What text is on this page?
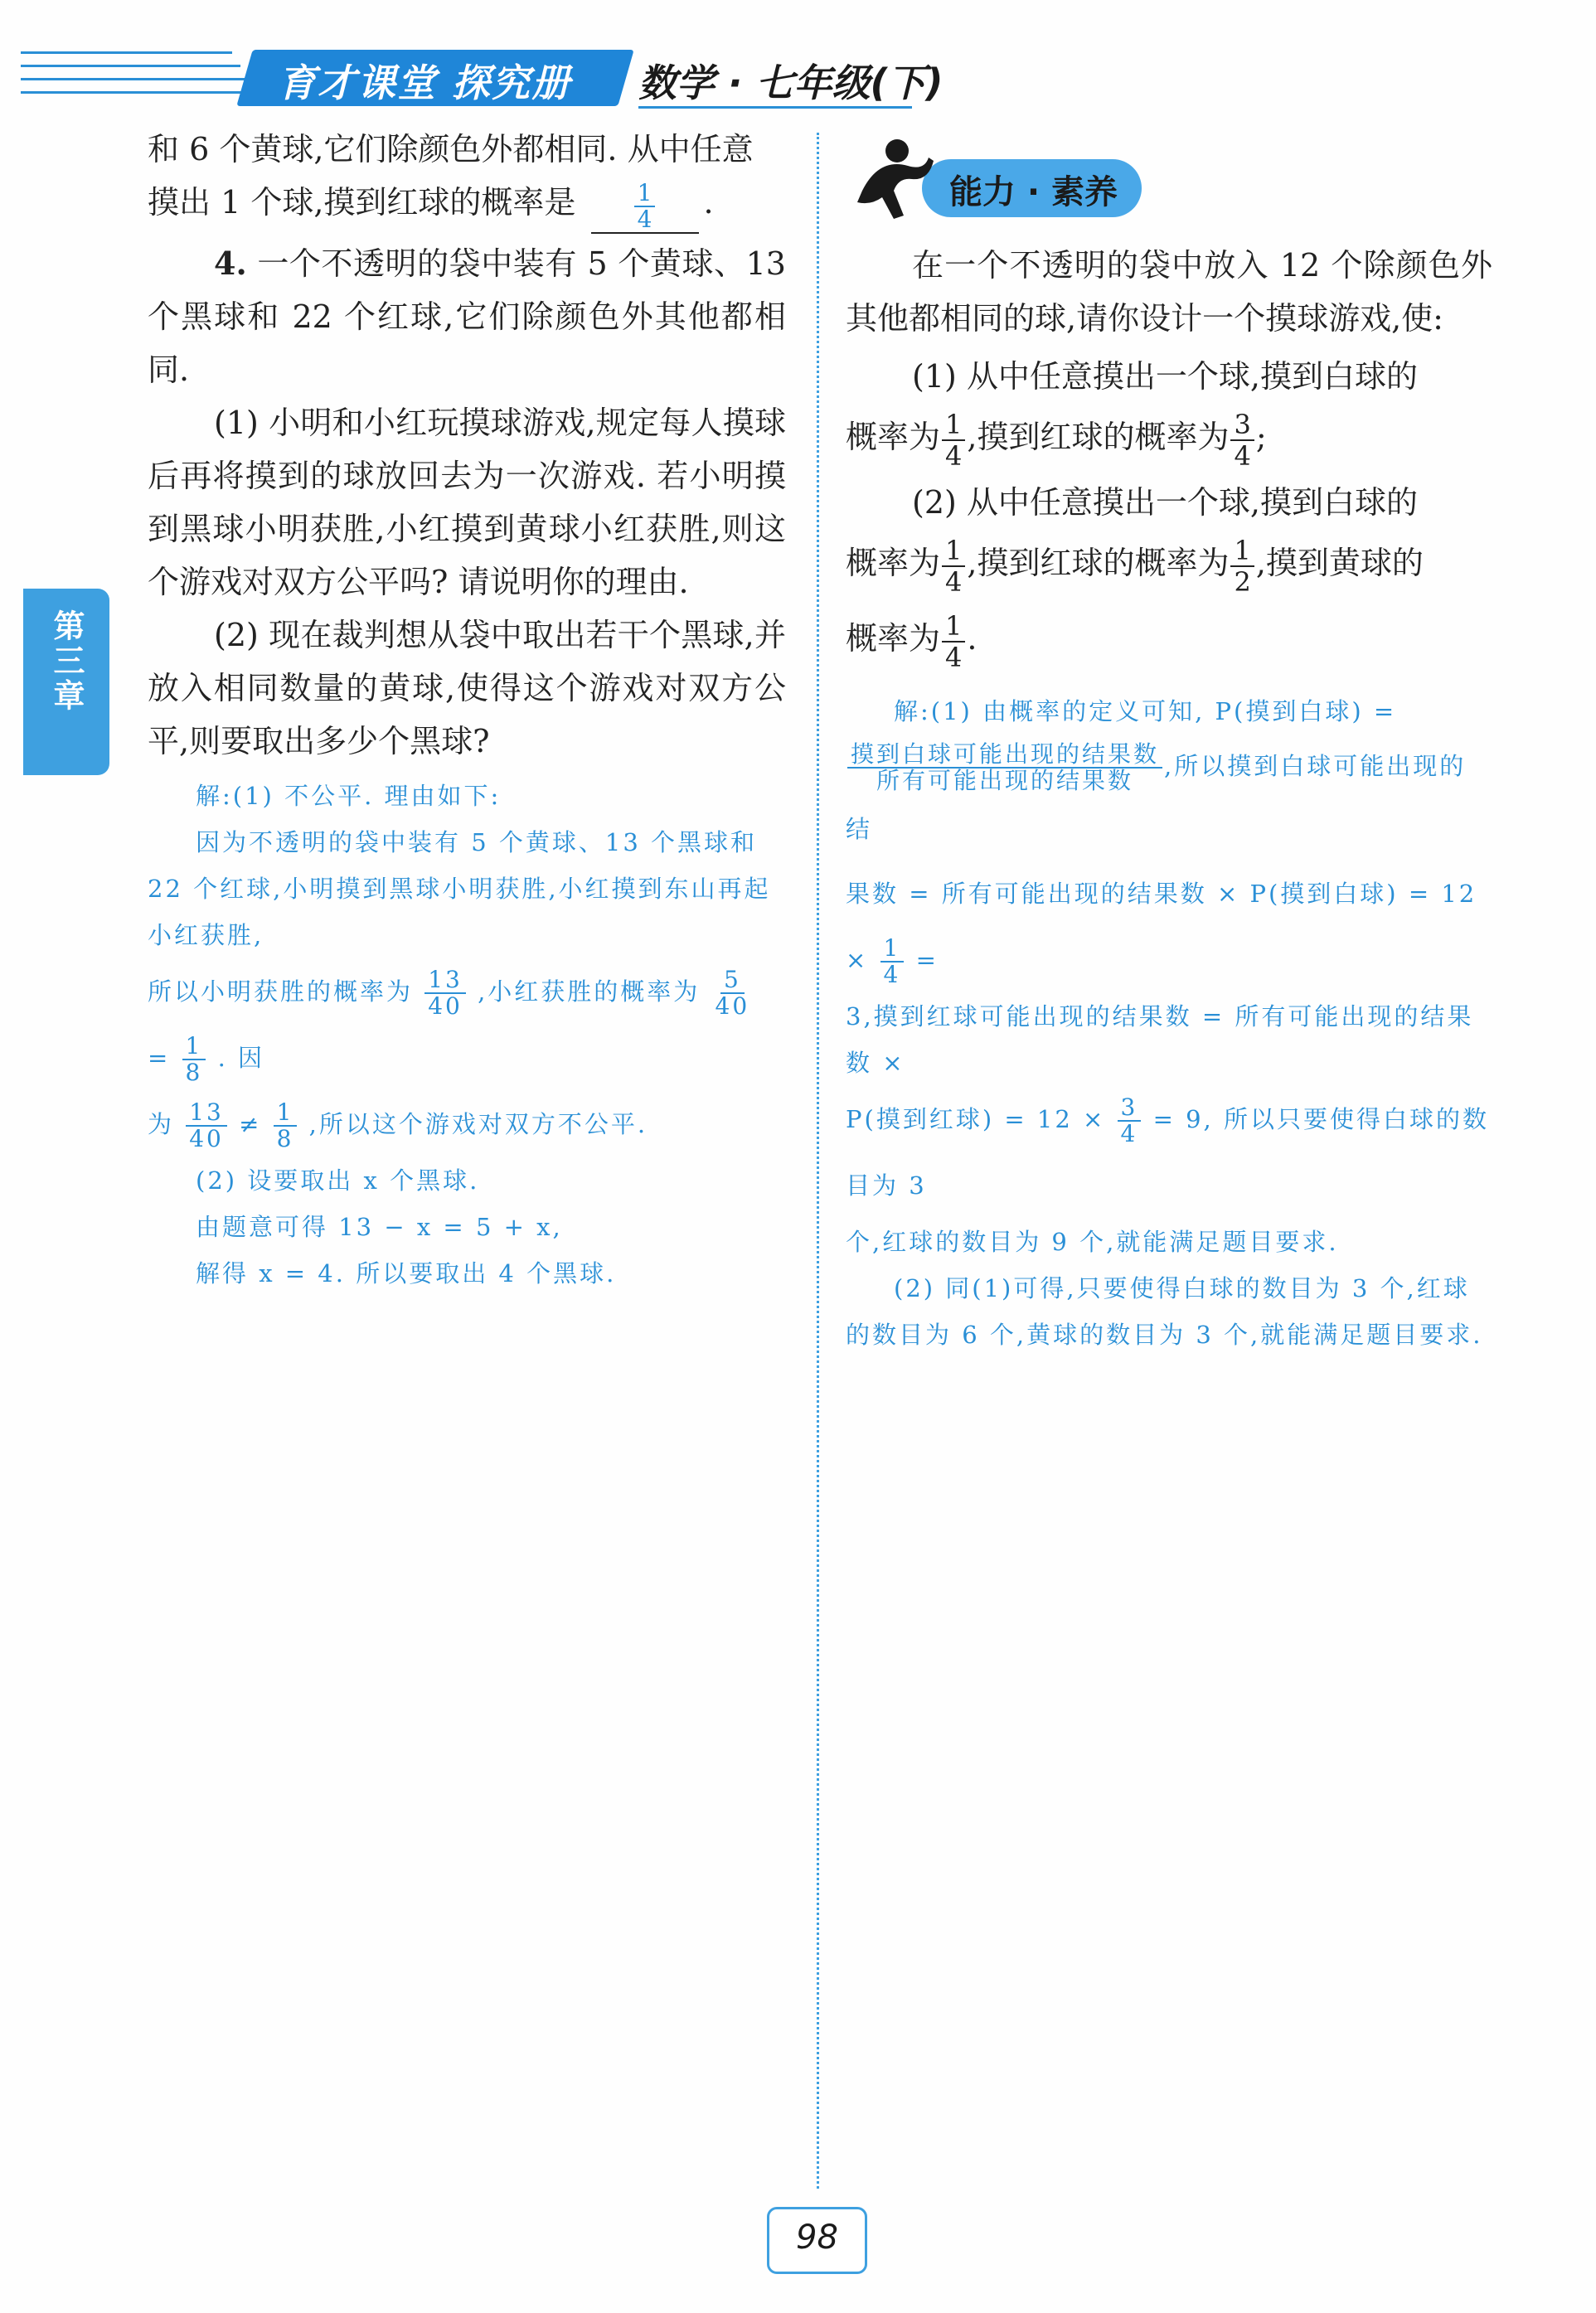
育才课堂 探究册 数学 · 七年级(下)
第三章

和 6 个黄球,它们除颜色外都相同. 从中任意
摸出 1 个球,摸到红球的概率是	$\frac{1}{4}$ .

4. 一个不透明的袋中装有 5 个黄球、13 个黑球和 22 个红球,它们除颜色外其他都相同.

(1) 小明和小红玩摸球游戏,规定每人摸球后再将摸到的球放回去为一次游戏. 若小明摸到黑球小明获胜,小红摸到黄球小红获胜,则这个游戏对双方公平吗? 请说明你的理由.

(2) 现在裁判想从袋中取出若干个黑球,并放入相同数量的黄球,使得这个游戏对双方公平,则要取出多少个黑球?

解:(1) 不公平. 理由如下:

因为不透明的袋中装有 5 个黄球、13 个黑球和 22 个红球,小明摸到黑球小明获胜,小红摸到东山再起小红获胜,

所以小明获胜的概率为 $\frac{13}{40}$ ,小红获胜的概率为 $\frac{5}{40}$
= $\frac{1}{8}$ . 因

为 $\frac{13}{40} \ne \frac{1}{8}$ ,所以这个游戏对双方不公平.

(2) 设要取出 x 个黑球.

由题意可得 13 − x = 5 + x,

解得 x = 4. 所以要取出 4 个黑球.

能力 · 素养

在一个不透明的袋中放入 12 个除颜色外其他都相同的球,请你设计一个摸球游戏,使:

(1) 从中任意摸出一个球,摸到白球的

概率为 $\frac{1}{4}$ ,摸到红球的概率为 $\frac{3}{4}$ ;

(2) 从中任意摸出一个球,摸到白球的

概率为 $\frac{1}{4}$ ,摸到红球的概率为 $\frac{1}{2}$ ,摸到黄球的

概率为 $\frac{1}{4}$ .

解:(1) 由概率的定义可知, P(摸到白球) =

$\frac{\text{摸到白球可能出现的结果数}}{\text{所有可能出现的结果数}}$ ,所以摸到白球可能出现的结

果数 = 所有可能出现的结果数 × P(摸到白球) = $12 \times \frac{1}{4}$ =

3,摸到红球可能出现的结果数 = 所有可能出现的结果数 ×

P(摸到红球) = $12 \times \frac{3}{4} = 9$, 所以只要使得白球的数目为 3

个,红球的数目为 9 个,就能满足题目要求.

(2) 同(1)可得,只要使得白球的数目为 3 个,红球的数目为 6 个,黄球的数目为 3 个,就能满足题目要求.

98
